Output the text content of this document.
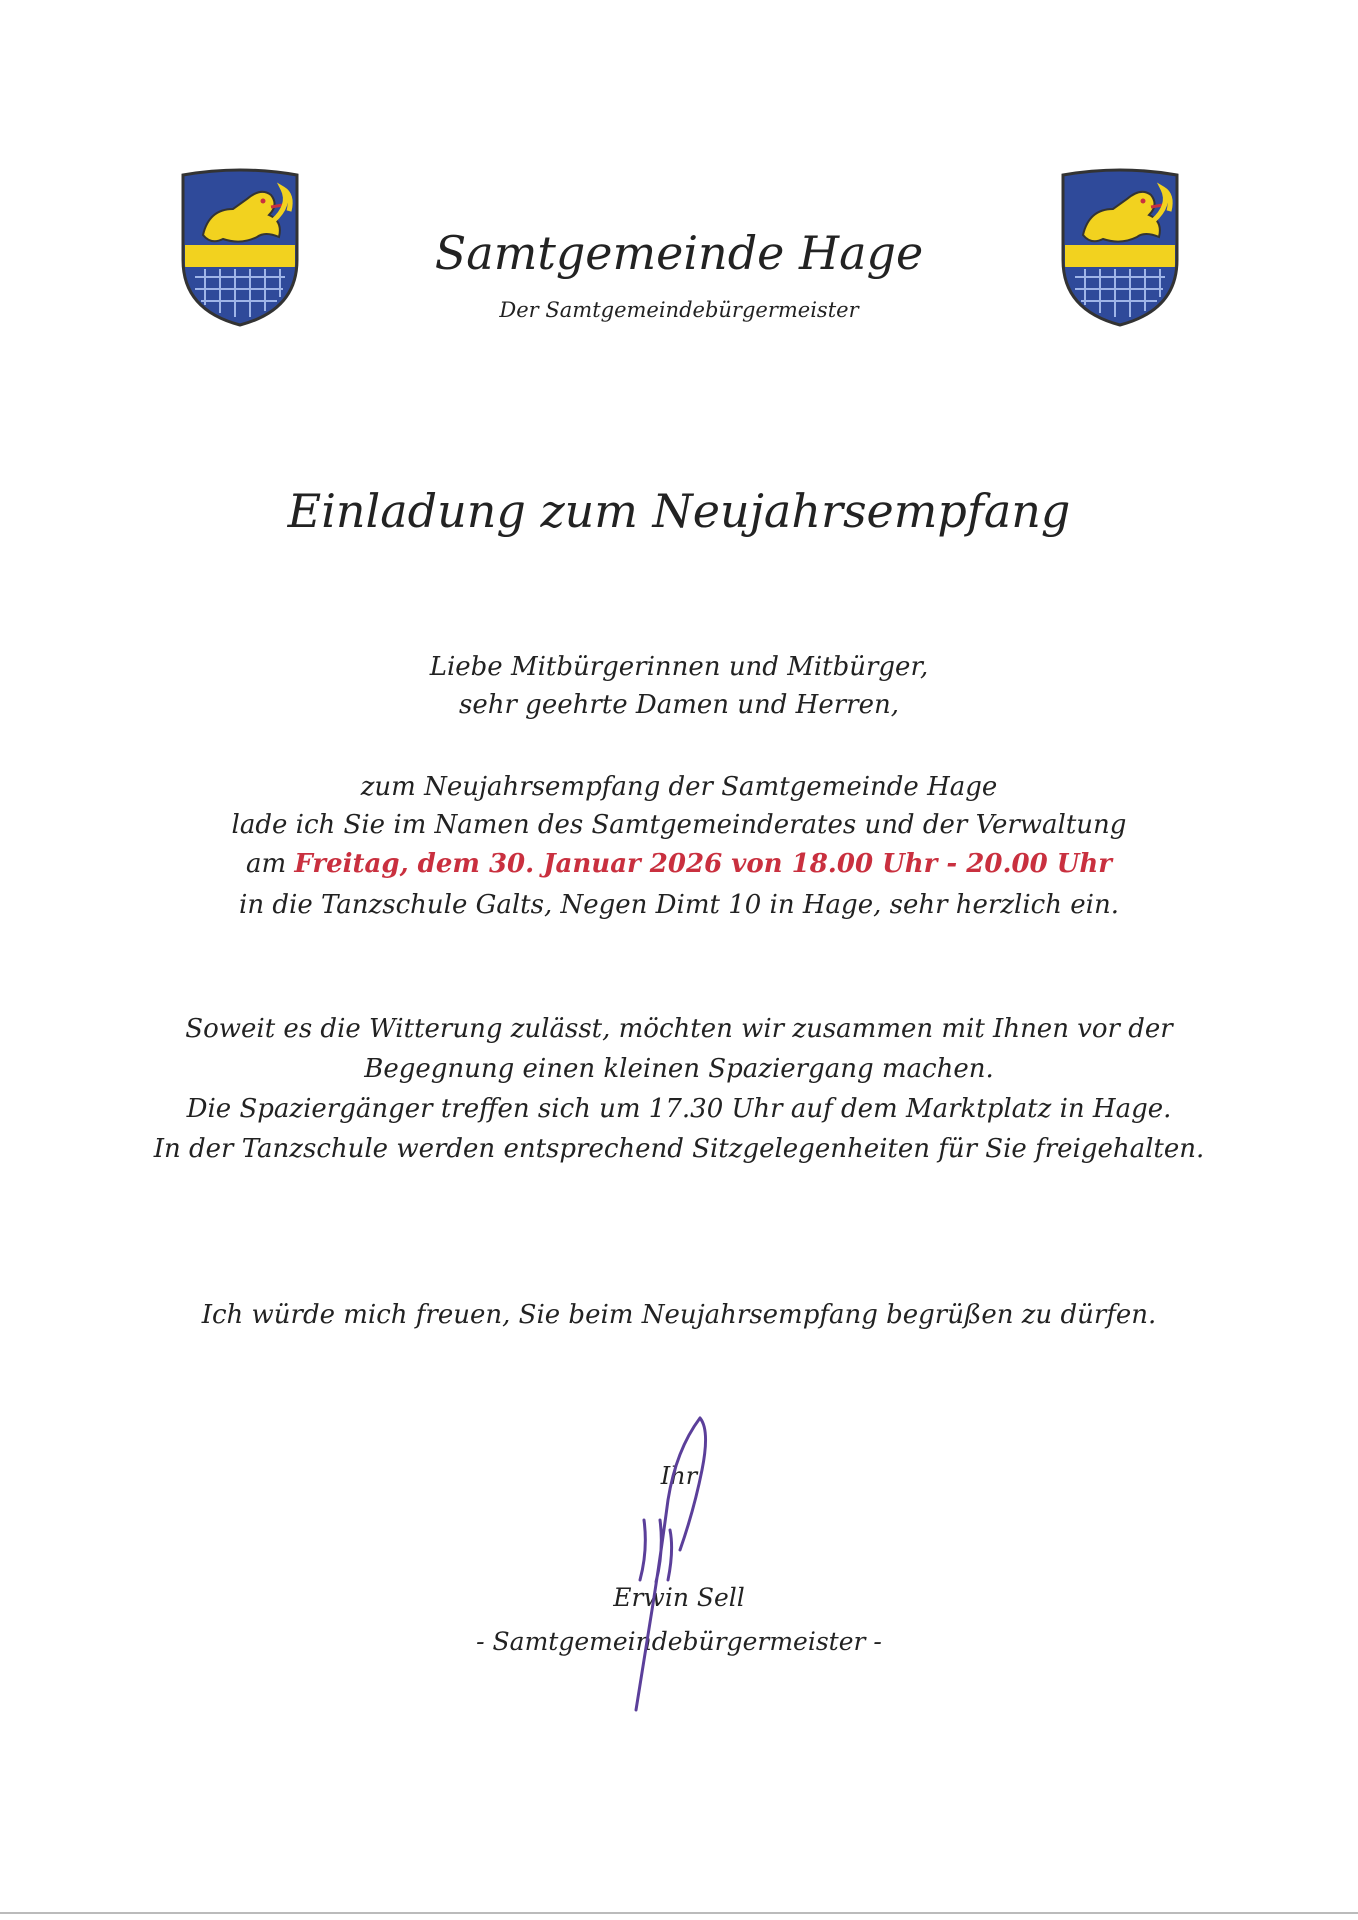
Samtgemeinde Hage
Der Samtgemeindebürgermeister
Einladung zum Neujahrsempfang
Liebe Mitbürgerinnen und Mitbürger,
sehr geehrte Damen und Herren,
zum Neujahrsempfang der Samtgemeinde Hage
lade ich Sie im Namen des Samtgemeinderates und der Verwaltung
am Freitag, dem 30. Januar 2026 von 18.00 Uhr - 20.00 Uhr
in die Tanzschule Galts, Negen Dimt 10 in Hage, sehr herzlich ein.
Soweit es die Witterung zulässt, möchten wir zusammen mit Ihnen vor der
Begegnung einen kleinen Spaziergang machen.
Die Spaziergänger treffen sich um 17.30 Uhr auf dem Marktplatz in Hage.
In der Tanzschule werden entsprechend Sitzgelegenheiten für Sie freigehalten.
Ich würde mich freuen, Sie beim Neujahrsempfang begrüßen zu dürfen.
Ihr
Erwin Sell
- Samtgemeindebürgermeister -
